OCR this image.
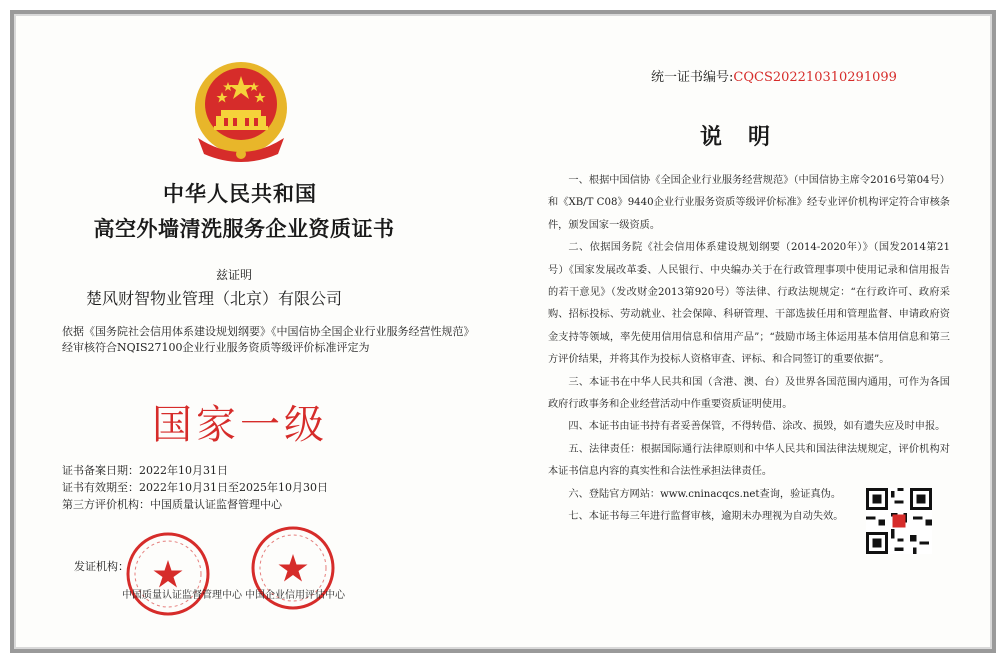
中华人民共和国
高空外墙清洗服务企业资质证书
兹证明
楚风财智物业管理（北京）有限公司
依据《国务院社会信用体系建设规划纲要》《中国信协全国企业行业服务经营性规范》经审核符合NQIS27100企业行业服务资质等级评价标准评定为
国家一级
证书备案日期：2022年10月31日
证书有效期至：2022年10月31日至2025年10月30日
第三方评价机构：中国质量认证监督管理中心
发证机构：
中国质量认证监督管理中心 中国企业信用评估中心
统一证书编号:CQCS202210310291099
说明

一、根据中国信协《全国企业行业服务经营规范》（中国信协主席令2016号第04号）和《XB/T C08》9440企业行业服务资质等级评价标准》经专业评价机构评定符合审核条件，颁发国家一级资质。

二、依据国务院《社会信用体系建设规划纲要（2014-2020年）》（国发2014第21号）《国家发展改革委、人民银行、中央编办关于在行政管理事项中使用记录和信用报告的若干意见》（发改财金2013第920号）等法律、行政法规规定：“在行政许可、政府采购、招标投标、劳动就业、社会保障、科研管理、干部选拔任用和管理监督、申请政府资金支持等领域，率先使用信用信息和信用产品”；“鼓励市场主体运用基本信用信息和第三方评价结果，并将其作为投标人资格审查、评标、和合同签订的重要依据”。

三、本证书在中华人民共和国（含港、澳、台）及世界各国范围内通用，可作为各国政府行政事务和企业经营活动中作重要资质证明使用。

四、本证书由证书持有者妥善保管，不得转借、涂改、损毁，如有遗失应及时申报。

五、法律责任：根据国际通行法律原则和中华人民共和国法律法规规定，评价机构对本证书信息内容的真实性和合法性承担法律责任。

六、登陆官方网站：www.cninacqcs.net查询，验证真伪。

七、本证书每三年进行监督审核，逾期未办理视为自动失效。
